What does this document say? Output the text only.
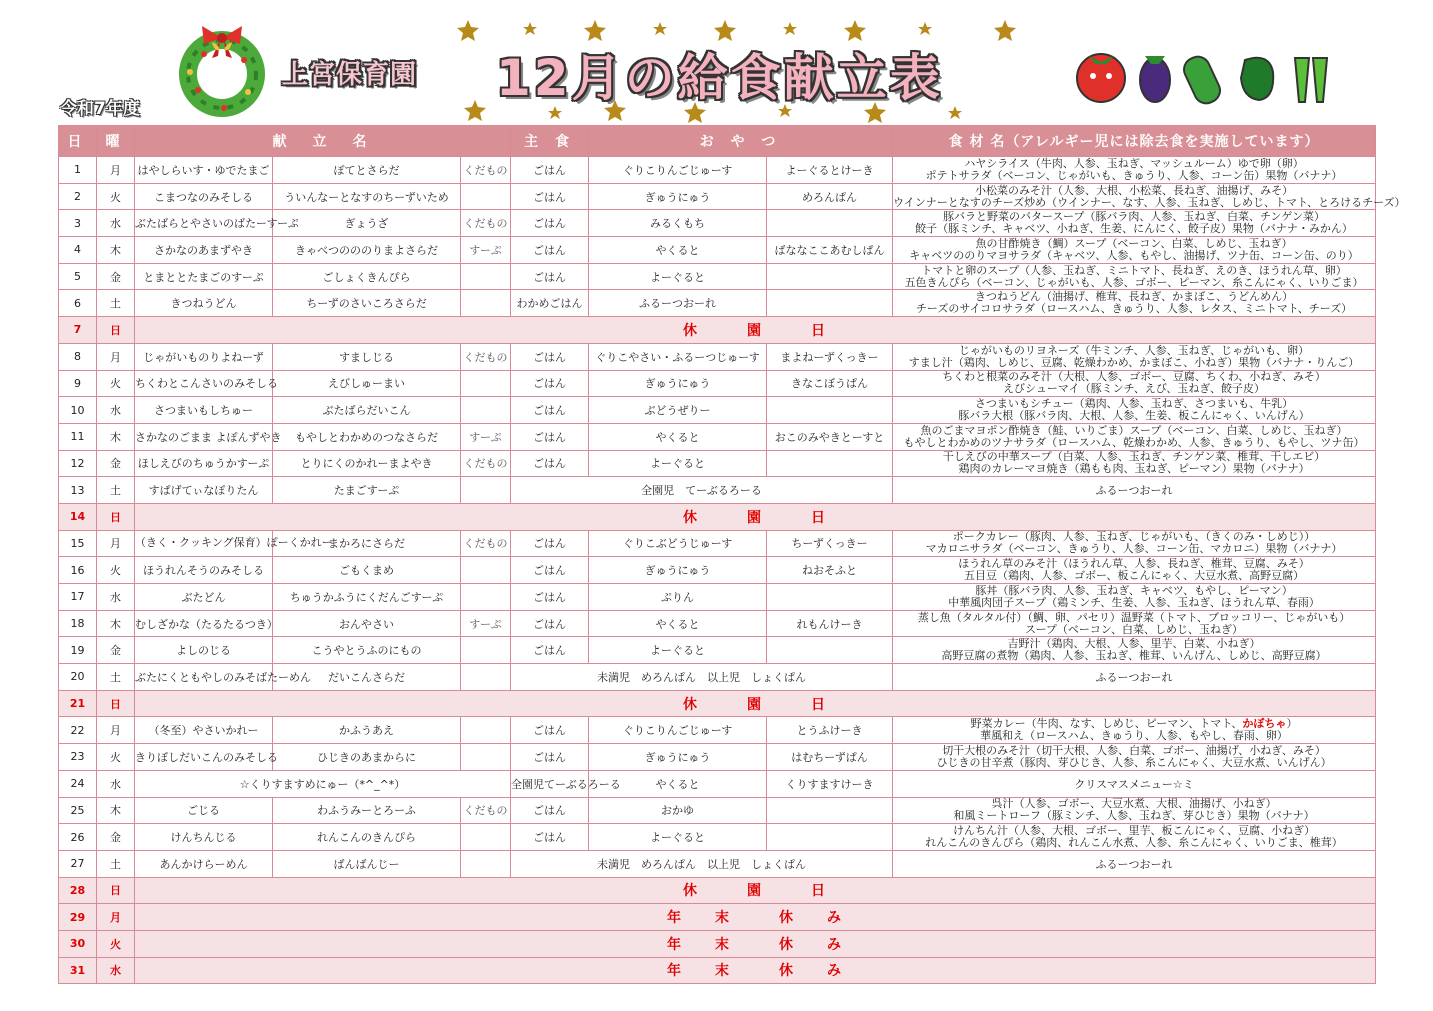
令和7年度
上宮保育園 12月の給食献立表
日	曜	献　立　名			主 食	お や つ		食 材 名（アレルギー児には除去食を実施しています）	
1	月	はやしらいす・ゆでたまご	ぽてとさらだ	くだもの	ごはん	ぐりこりんごじゅーす	よーぐるとけーき	ハヤシライス（牛肉、人参、玉ねぎ、マッシュルーム）ゆで卵（卵）
ポテトサラダ（ベーコン、じゃがいも、きゅうり、人参、コーン缶）果物（バナナ）	

2	火	こまつなのみそしる	ういんなーとなすのちーずいため		ごはん	ぎゅうにゅう	めろんぱん	小松菜のみそ汁（人参、大根、小松菜、長ねぎ、油揚げ、みそ）
ウインナーとなすのチーズ炒め（ウインナー、なす、人参、玉ねぎ、しめじ、トマト、とろけるチーズ）	

3	水	ぶたばらとやさいのばたーすーぷ	ぎょうざ	くだもの	ごはん	みるくもち		豚バラと野菜のバタースープ（豚バラ肉、人参、玉ねぎ、白菜、チンゲン菜）
餃子（豚ミンチ、キャベツ、小ねぎ、生姜、にんにく、餃子皮）果物（バナナ・みかん）	

4	木	さかなのあまずやき	きゃべつのののりまよさらだ	すーぷ	ごはん	やくると	ばななここあむしぱん	魚の甘酢焼き（鯛）スープ（ベーコン、白菜、しめじ、玉ねぎ）
キャベツののりマヨサラダ（キャベツ、人参、もやし、油揚げ、ツナ缶、コーン缶、のり）	

5	金	とまととたまごのすーぷ	ごしょくきんぴら		ごはん	よーぐると		トマトと卵のスープ（人参、玉ねぎ、ミニトマト、長ねぎ、えのき、ほうれん草、卵）
五色きんぴら（ベーコン、じゃがいも、人参、ゴボー、ピーマン、糸こんにゃく、いりごま）	

6	土	きつねうどん	ちーずのさいころさらだ		わかめごはん	ふるーつおーれ		きつねうどん（油揚げ、椎茸、長ねぎ、かまぼこ、うどんめん）
チーズのサイコロサラダ（ロースハム、きゅうり、人参、レタス、ミニトマト、チーズ）	

7	日	休　　　園　　　日							
8	月	じゃがいものりよねーず	すましじる	くだもの	ごはん	ぐりこやさい・ふるーつじゅーす	まよねーずくっきー	じゃがいものリヨネーズ（牛ミンチ、人参、玉ねぎ、じゃがいも、卵）
すまし汁（鶏肉、しめじ、豆腐、乾燥わかめ、かまぼこ、小ねぎ）果物（バナナ・りんご）	

9	火	ちくわとこんさいのみそしる	えびしゅーまい		ごはん	ぎゅうにゅう	きなこぼうぱん	ちくわと根菜のみそ汁（大根、人参、ゴボー、豆腐、ちくわ、小ねぎ、みそ）
えびシューマイ（豚ミンチ、えび、玉ねぎ、餃子皮）	

10	水	さつまいもしちゅー	ぶたばらだいこん		ごはん	ぶどうぜりー		さつまいもシチュー（鶏肉、人参、玉ねぎ、さつまいも、牛乳）
豚バラ大根（豚バラ肉、大根、人参、生姜、板こんにゃく、いんげん）	

11	木	さかなのごまま よぽんずやき	もやしとわかめのつなさらだ	すーぷ	ごはん	やくると	おこのみやきとーすと	魚のごまマヨポン酢焼き（鮭、いりごま）スープ（ベーコン、白菜、しめじ、玉ねぎ）
もやしとわかめのツナサラダ（ロースハム、乾燥わかめ、人参、きゅうり、もやし、ツナ缶）	

12	金	ほしえびのちゅうかすーぷ	とりにくのかれーまよやき	くだもの	ごはん	よーぐると		干しえびの中華スープ（白菜、人参、玉ねぎ、チンゲン菜、椎茸、干しエビ）
鶏肉のカレーマヨ焼き（鶏もも肉、玉ねぎ、ピーマン）果物（バナナ）	

13	土	すぱげてぃなぽりたん	たまごすーぷ		全園児　てーぶるろーる			ふるーつおーれ	

14	日	休　　　園　　　日							
15	月	（きく・クッキング保育）ぽーくかれー	まかろにさらだ	くだもの	ごはん	ぐりこぶどうじゅーす	ちーずくっきー	ポークカレー（豚肉、人参、玉ねぎ、じゃがいも、（きくのみ・しめじ））
マカロニサラダ（ベーコン、きゅうり、人参、コーン缶、マカロニ）果物（バナナ）	

16	火	ほうれんそうのみそしる	ごもくまめ		ごはん	ぎゅうにゅう	ねおそふと	ほうれん草のみそ汁（ほうれん草、人参、長ねぎ、椎茸、豆腐、みそ）
五目豆（鶏肉、人参、ゴボー、板こんにゃく、大豆水煮、高野豆腐）	

17	水	ぶたどん	ちゅうかふうにくだんごすーぷ		ごはん	ぷりん		豚丼（豚バラ肉、人参、玉ねぎ、キャベツ、もやし、ピーマン）
中華風肉団子スープ（鶏ミンチ、生姜、人参、玉ねぎ、ほうれん草、春雨）	

18	木	むしざかな（たるたるつき）	おんやさい	すーぷ	ごはん	やくると	れもんけーき	蒸し魚（タルタル付）（鯛、卵、パセリ）温野菜（トマト、ブロッコリー、じゃがいも）
スープ（ベーコン、白菜、しめじ、玉ねぎ）	

19	金	よしのじる	こうやとうふのにもの		ごはん	よーぐると		吉野汁（鶏肉、大根、人参、里芋、白菜、小ねぎ）
高野豆腐の煮物（鶏肉、人参、玉ねぎ、椎茸、いんげん、しめじ、高野豆腐）	

20	土	ぶたにくともやしのみそばたーめん	だいこんさらだ		未満児　めろんぱん　以上児　しょくぱん			ふるーつおーれ	

21	日	休　　　園　　　日							
22	月	（冬至）やさいかれー	かふうあえ		ごはん	ぐりこりんごじゅーす	とうふけーき	野菜カレー（牛肉、なす、しめじ、ピーマン、トマト、かぼちゃ）
華風和え（ロースハム、きゅうり、人参、もやし、春雨、卵）	

23	火	きりぼしだいこんのみそしる	ひじきのあまからに		ごはん	ぎゅうにゅう	はむちーずぱん	切干大根のみそ汁（切干大根、人参、白菜、ゴボー、油揚げ、小ねぎ、みそ）
ひじきの甘辛煮（豚肉、芽ひじき、人参、糸こんにゃく、大豆水煮、いんげん）	

24	水	☆くりすますめにゅー（*^_^*）			全園児てーぶるろーる	やくると	くりすますけーき	クリスマスメニュー☆ミ	
25	木	ごじる	わふうみーとろーふ	くだもの	ごはん	おかゆ		呉汁（人参、ゴボー、大豆水煮、大根、油揚げ、小ねぎ）
和風ミートローフ（豚ミンチ、人参、玉ねぎ、芽ひじき）果物（バナナ）	

26	金	けんちんじる	れんこんのきんぴら		ごはん	よーぐると		けんちん汁（人参、大根、ゴボー、里芋、板こんにゃく、豆腐、小ねぎ）
れんこんのきんぴら（鶏肉、れんこん水煮、人参、糸こんにゃく、いりごま、椎茸）	

27	土	あんかけらーめん	ばんばんじー		未満児　めろんぱん　以上児　しょくぱん			ふるーつおーれ	

28	日	休　　　園　　　日							
29	月	年　　末　　　休　　み							
30	火	年　　末　　　休　　み							
31	水	年　　末　　　休　　み							
